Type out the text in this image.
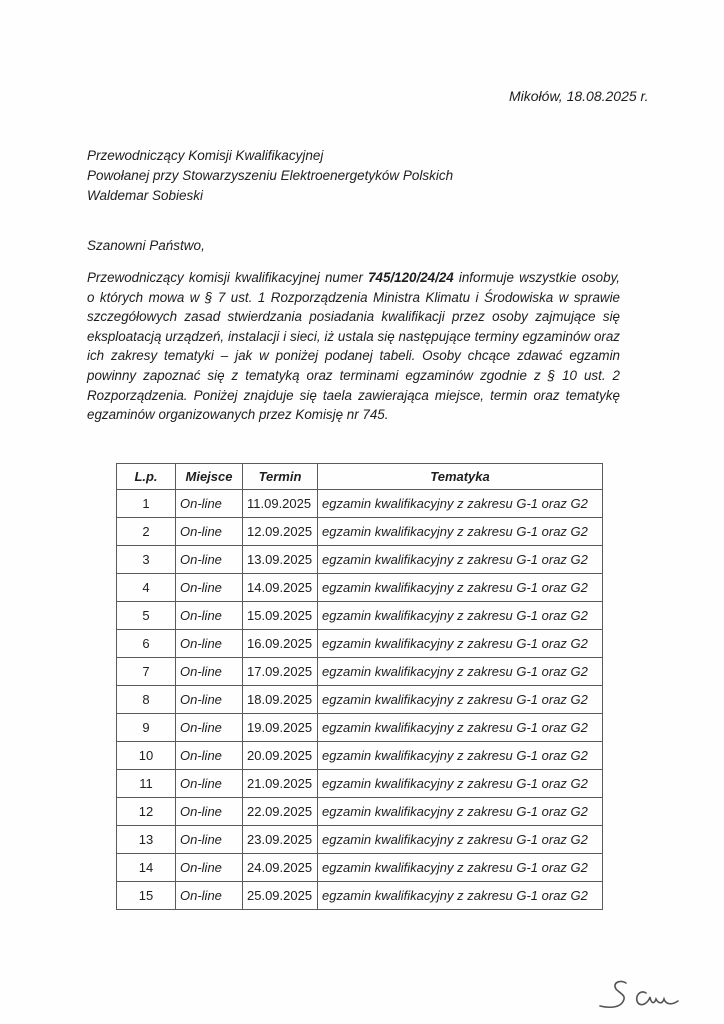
Mikołów, 18.08.2025 r.
Przewodniczący Komisji Kwalifikacyjnej
Powołanej przy Stowarzyszeniu Elektroenergetyków Polskich
Waldemar Sobieski
Szanowni Państwo,

Przewodniczący komisji kwalifikacyjnej numer 745/120/24/24 informuje wszystkie osoby, o których mowa w § 7 ust. 1 Rozporządzenia Ministra Klimatu i Środowiska w sprawie szczegółowych zasad stwierdzania posiadania kwalifikacji przez osoby zajmujące się eksploatacją urządzeń, instalacji i sieci, iż ustala się następujące terminy egzaminów oraz ich zakresy tematyki – jak w poniżej podanej tabeli. Osoby chcące zdawać egzamin powinny zapoznać się z tematyką oraz terminami egzaminów zgodnie z § 10 ust. 2 Rozporządzenia. Poniżej znajduje się taela zawierająca miejsce, termin oraz tematykę egzaminów organizowanych przez Komisję nr 745.

L.p.	Miejsce	Termin	Tematyka
1	On-line	11.09.2025	egzamin kwalifikacyjny z zakresu G-1 oraz G2
2	On-line	12.09.2025	egzamin kwalifikacyjny z zakresu G-1 oraz G2
3	On-line	13.09.2025	egzamin kwalifikacyjny z zakresu G-1 oraz G2
4	On-line	14.09.2025	egzamin kwalifikacyjny z zakresu G-1 oraz G2
5	On-line	15.09.2025	egzamin kwalifikacyjny z zakresu G-1 oraz G2
6	On-line	16.09.2025	egzamin kwalifikacyjny z zakresu G-1 oraz G2
7	On-line	17.09.2025	egzamin kwalifikacyjny z zakresu G-1 oraz G2
8	On-line	18.09.2025	egzamin kwalifikacyjny z zakresu G-1 oraz G2
9	On-line	19.09.2025	egzamin kwalifikacyjny z zakresu G-1 oraz G2
10	On-line	20.09.2025	egzamin kwalifikacyjny z zakresu G-1 oraz G2
11	On-line	21.09.2025	egzamin kwalifikacyjny z zakresu G-1 oraz G2
12	On-line	22.09.2025	egzamin kwalifikacyjny z zakresu G-1 oraz G2
13	On-line	23.09.2025	egzamin kwalifikacyjny z zakresu G-1 oraz G2
14	On-line	24.09.2025	egzamin kwalifikacyjny z zakresu G-1 oraz G2
15	On-line	25.09.2025	egzamin kwalifikacyjny z zakresu G-1 oraz G2
